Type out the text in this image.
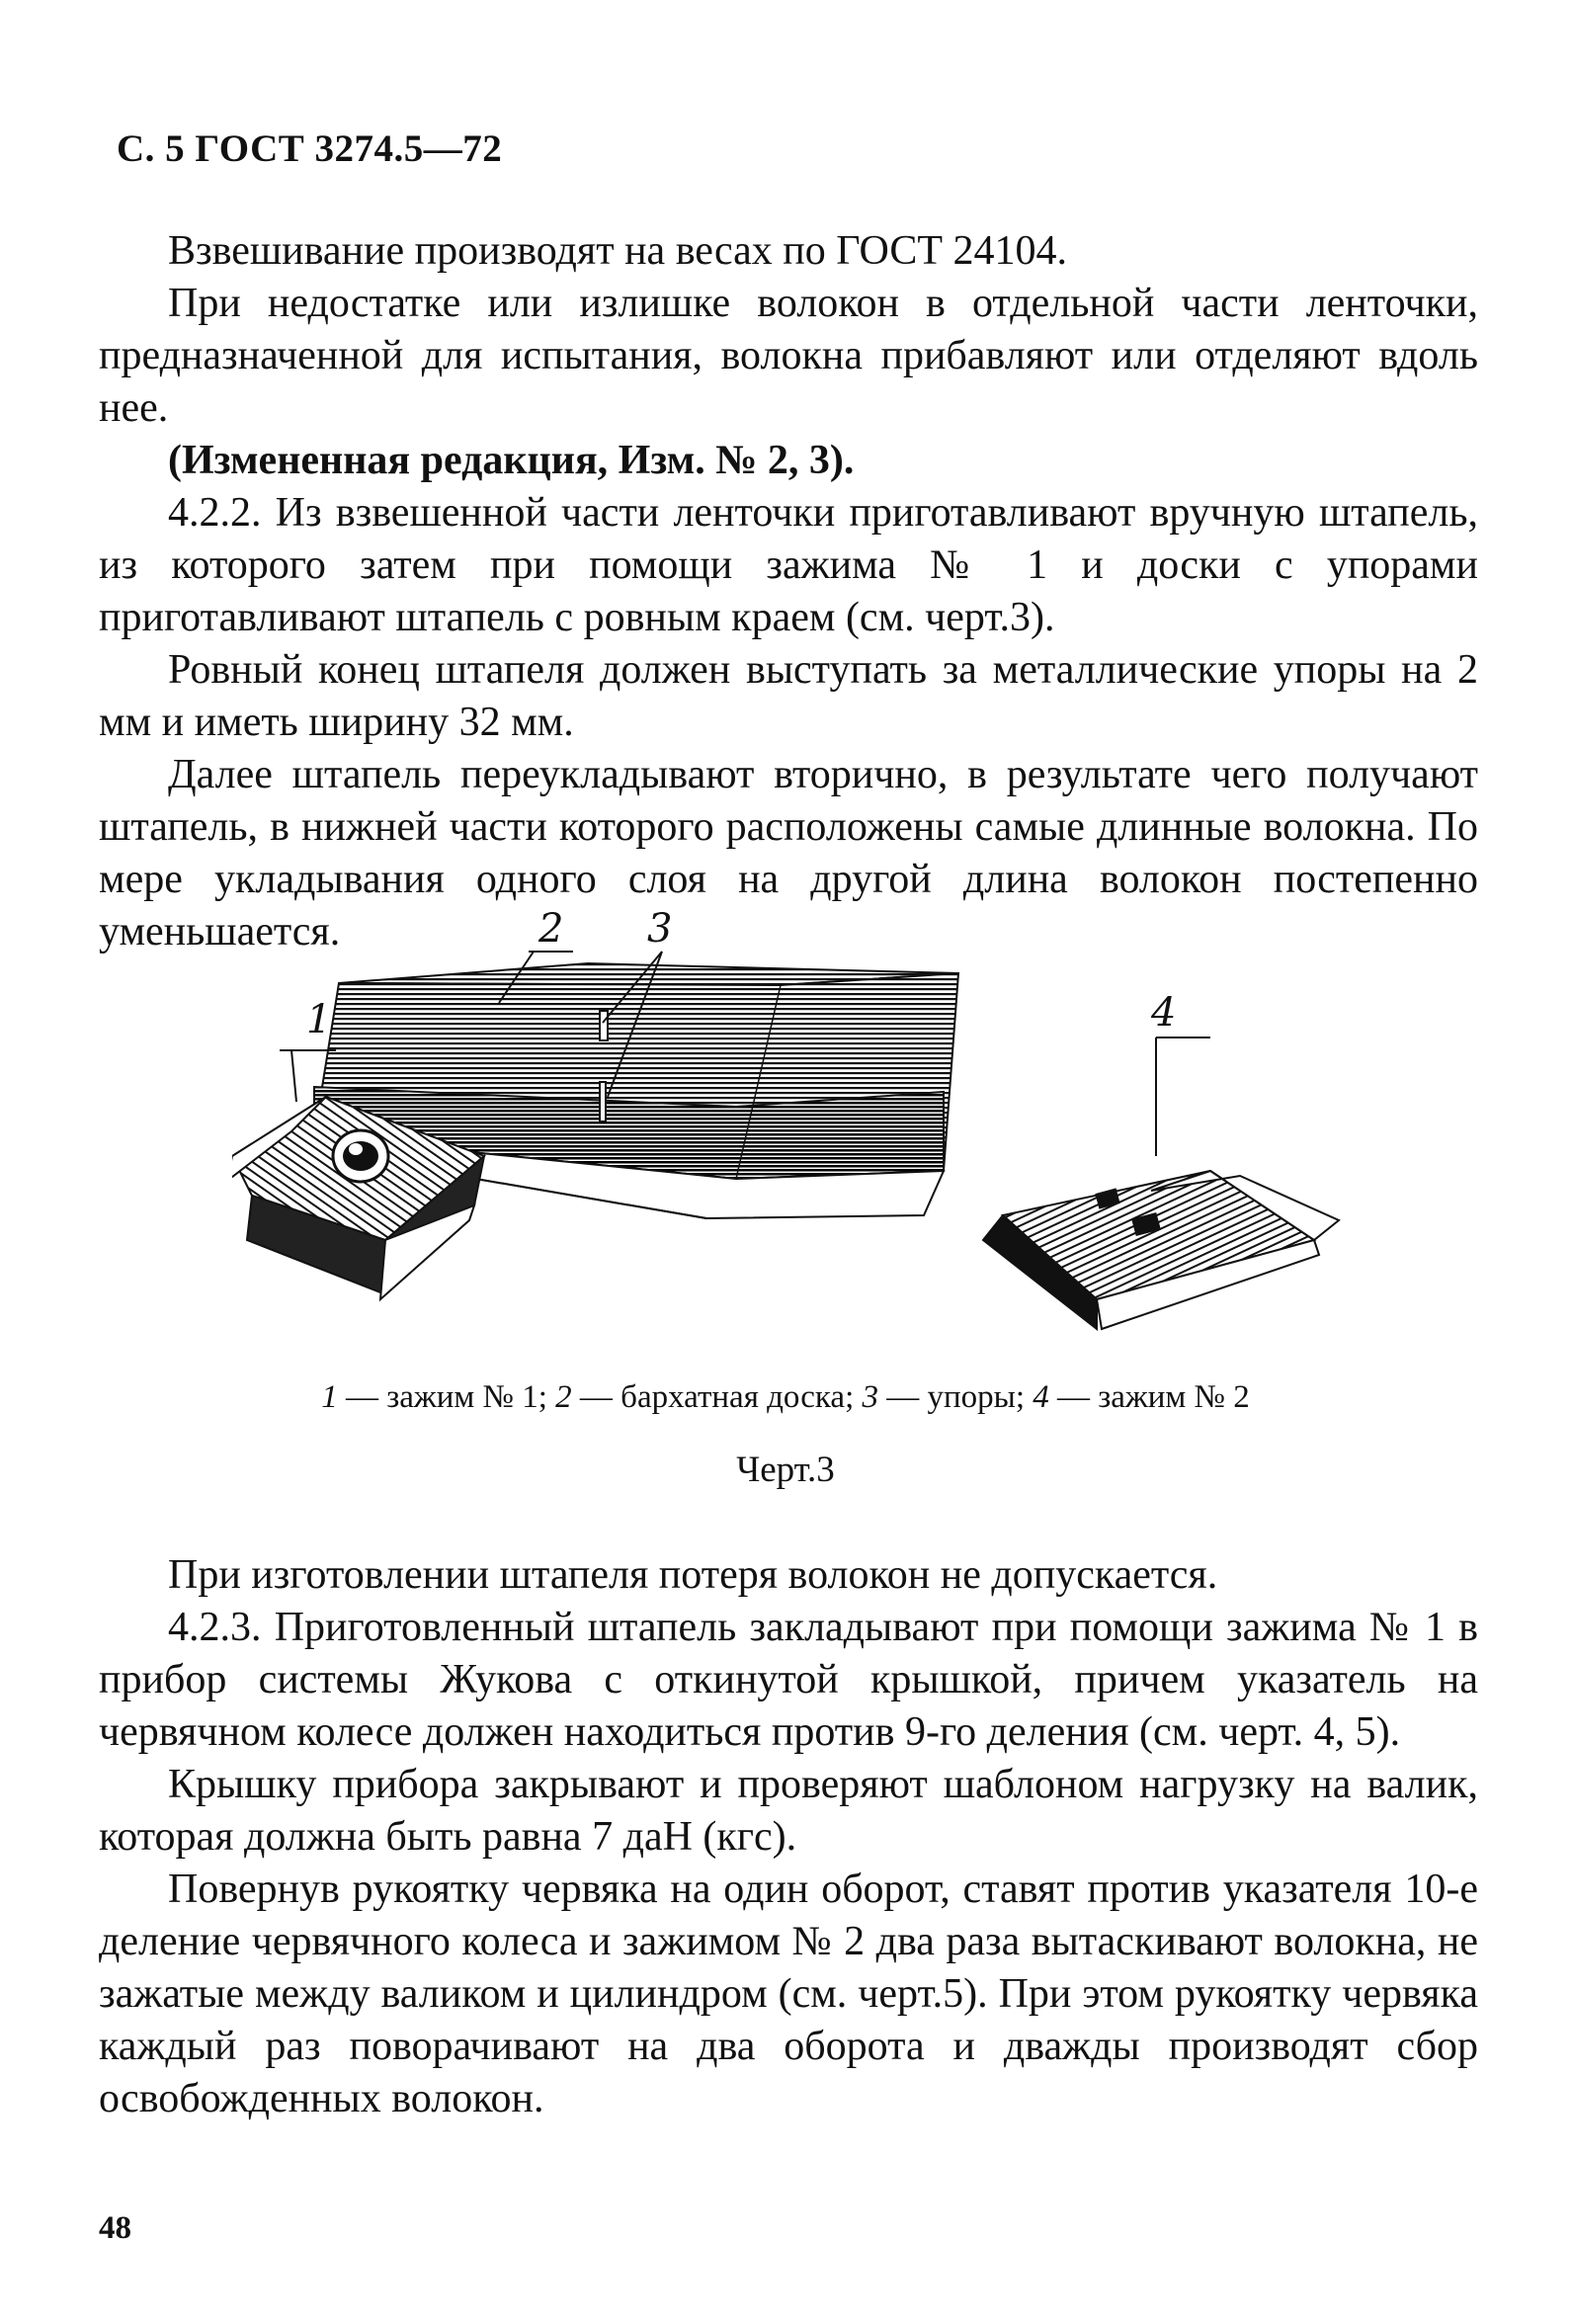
С. 5 ГОСТ 3274.5—72

Взвешивание производят на весах по ГОСТ 24104.

При недостатке или излишке волокон в отдельной части ленточки, предназначенной для испытания, волокна прибавляют или отделяют вдоль нее.

(Измененная редакция, Изм. № 2, 3).

4.2.2. Из взвешенной части ленточки приготавливают вручную штапель, из которого затем при помощи зажима № 1 и доски с упорами приготавливают штапель с ровным краем (см. черт.3).

Ровный конец штапеля должен выступать за металлические упоры на 2 мм и иметь ширину 32 мм.

Далее штапель переукладывают вторично, в результате чего получают штапель, в нижней части которого расположены самые длинные волокна. По мере укладывания одного слоя на другой длина волокон постепенно уменьшается.

1
2 3
4
1 — зажим № 1; 2 — бархатная доска; 3 — упоры; 4 — зажим № 2
Черт.3

При изготовлении штапеля потеря волокон не допускается.

4.2.3. Приготовленный штапель закладывают при помощи зажима № 1 в прибор системы Жукова с откинутой крышкой, причем указатель на червячном колесе должен находиться против 9-го деления (см. черт. 4, 5).

Крышку прибора закрывают и проверяют шаблоном нагрузку на валик, которая должна быть равна 7 даН (кгс).

Повернув рукоятку червяка на один оборот, ставят против указателя 10-е деление червячного колеса и зажимом № 2 два раза вытаскивают волокна, не зажатые между валиком и цилиндром (см. черт.5). При этом рукоятку червяка каждый раз поворачивают на два оборота и дважды производят сбор освобожденных волокон.

48
